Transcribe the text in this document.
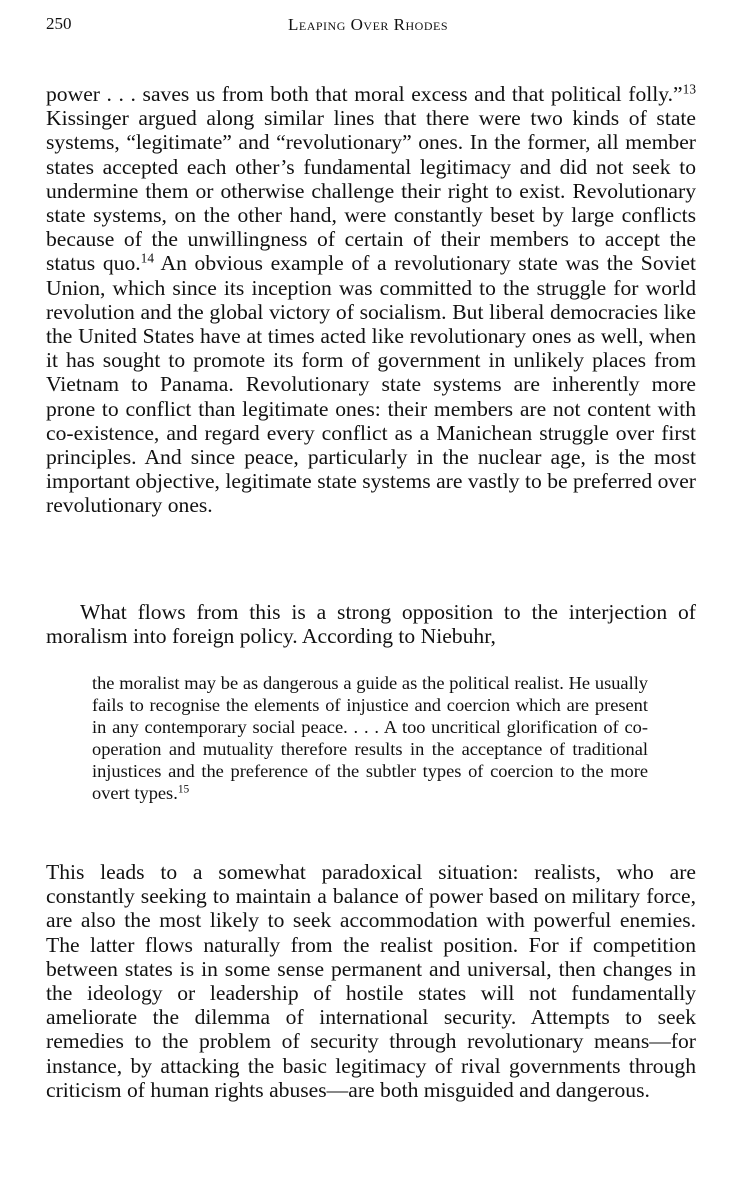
250	Leaping Over Rhodes

power . . . saves us from both that moral excess and that political folly.”$^{13}$ Kissinger argued along similar lines that there were two kinds of state systems, “legitimate” and “revolutionary” ones. In the former, all member states accepted each other’s fundamental legitimacy and did not seek to undermine them or otherwise challenge their right to exist. Revolutionary state systems, on the other hand, were constantly beset by large conflicts because of the unwillingness of certain of their members to accept the status quo.$^{14}$ An obvious example of a revolutionary state was the Soviet Union, which since its inception was committed to the struggle for world revolution and the global victory of socialism. But liberal democracies like the United States have at times acted like revolutionary ones as well, when it has sought to promote its form of government in unlikely places from Vietnam to Panama. Revolutionary state systems are inherently more prone to conflict than legitimate ones: their members are not content with co-existence, and regard every conflict as a Manichean struggle over first principles. And since peace, particularly in the nuclear age, is the most important objective, legitimate state systems are vastly to be preferred over revolutionary ones.

What flows from this is a strong opposition to the interjection of moralism into foreign policy. According to Niebuhr,

the moralist may be as dangerous a guide as the political realist. He usually fails to recognise the elements of injustice and coercion which are present in any contemporary social peace. . . . A too uncritical glorification of co-operation and mutuality therefore results in the acceptance of traditional injustices and the preference of the subtler types of coercion to the more overt types.$^{15}$

This leads to a somewhat paradoxical situation: realists, who are constantly seeking to maintain a balance of power based on military force, are also the most likely to seek accommodation with powerful enemies. The latter flows naturally from the realist position. For if competition between states is in some sense permanent and universal, then changes in the ideology or leadership of hostile states will not fundamentally ameliorate the dilemma of international security. Attempts to seek remedies to the problem of security through revolutionary means—for instance, by attacking the basic legitimacy of rival governments through criticism of human rights abuses—are both misguided and dangerous.
